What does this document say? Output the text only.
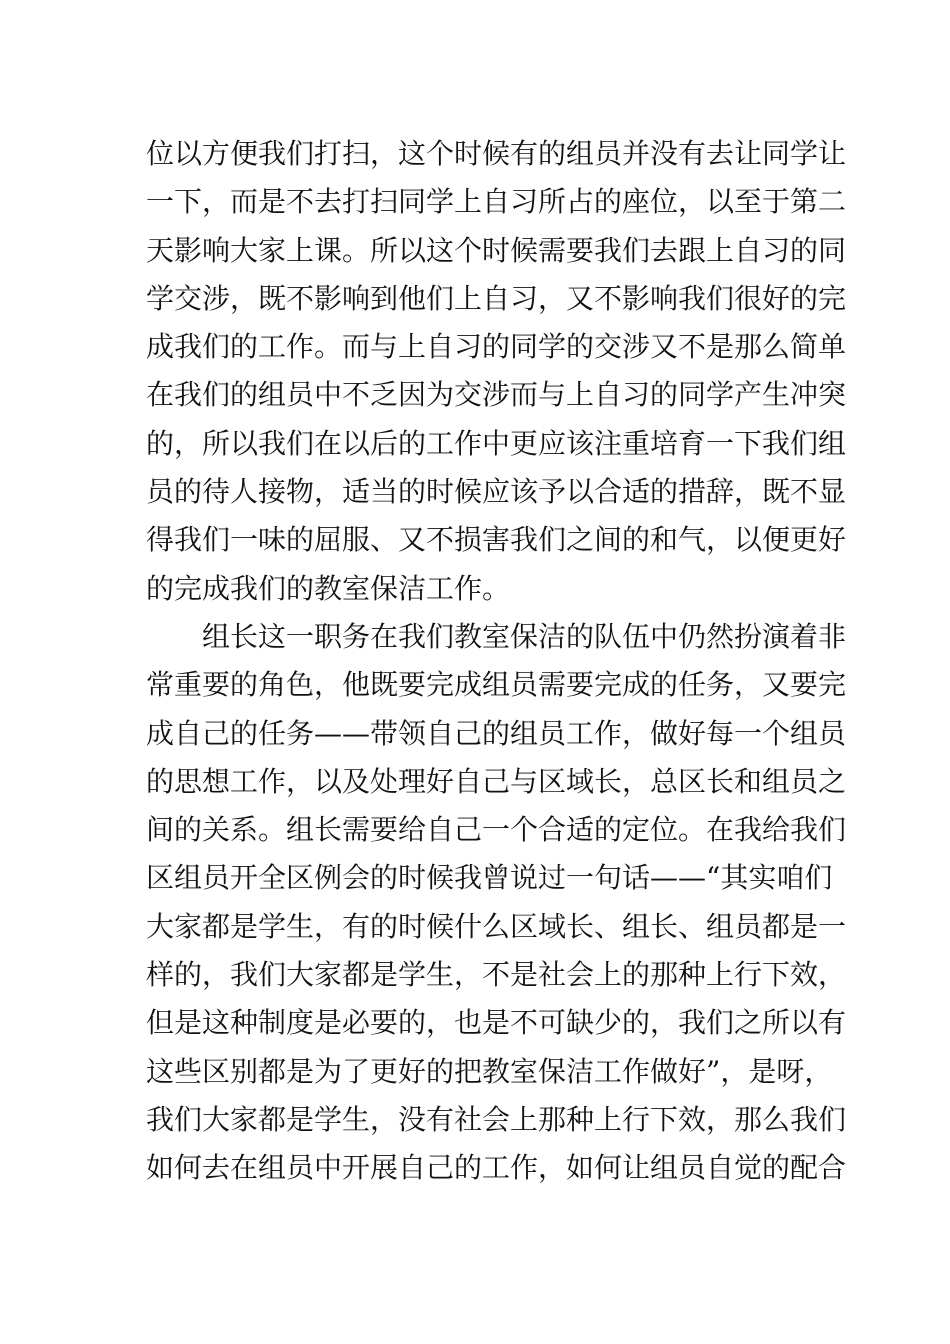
位以方便我们打扫，这个时候有的组员并没有去让同学让
一下，而是不去打扫同学上自习所占的座位，以至于第二
天影响大家上课。所以这个时候需要我们去跟上自习的同
学交涉，既不影响到他们上自习，又不影响我们很好的完
成我们的工作。而与上自习的同学的交涉又不是那么简单
在我们的组员中不乏因为交涉而与上自习的同学产生冲突
的，所以我们在以后的工作中更应该注重培育一下我们组
员的待人接物，适当的时候应该予以合适的措辞，既不显
得我们一味的屈服、又不损害我们之间的和气，以便更好
的完成我们的教室保洁工作。
组长这一职务在我们教室保洁的队伍中仍然扮演着非
常重要的角色，他既要完成组员需要完成的任务，又要完
成自己的任务——带领自己的组员工作，做好每一个组员
的思想工作，以及处理好自己与区域长，总区长和组员之
间的关系。组长需要给自己一个合适的定位。在我给我们
区组员开全区例会的时候我曾说过一句话——“其实咱们
大家都是学生，有的时候什么区域长、组长、组员都是一
样的，我们大家都是学生，不是社会上的那种上行下效，
但是这种制度是必要的，也是不可缺少的，我们之所以有
这些区别都是为了更好的把教室保洁工作做好”，是呀，
我们大家都是学生，没有社会上那种上行下效，那么我们
如何去在组员中开展自己的工作，如何让组员自觉的配合
